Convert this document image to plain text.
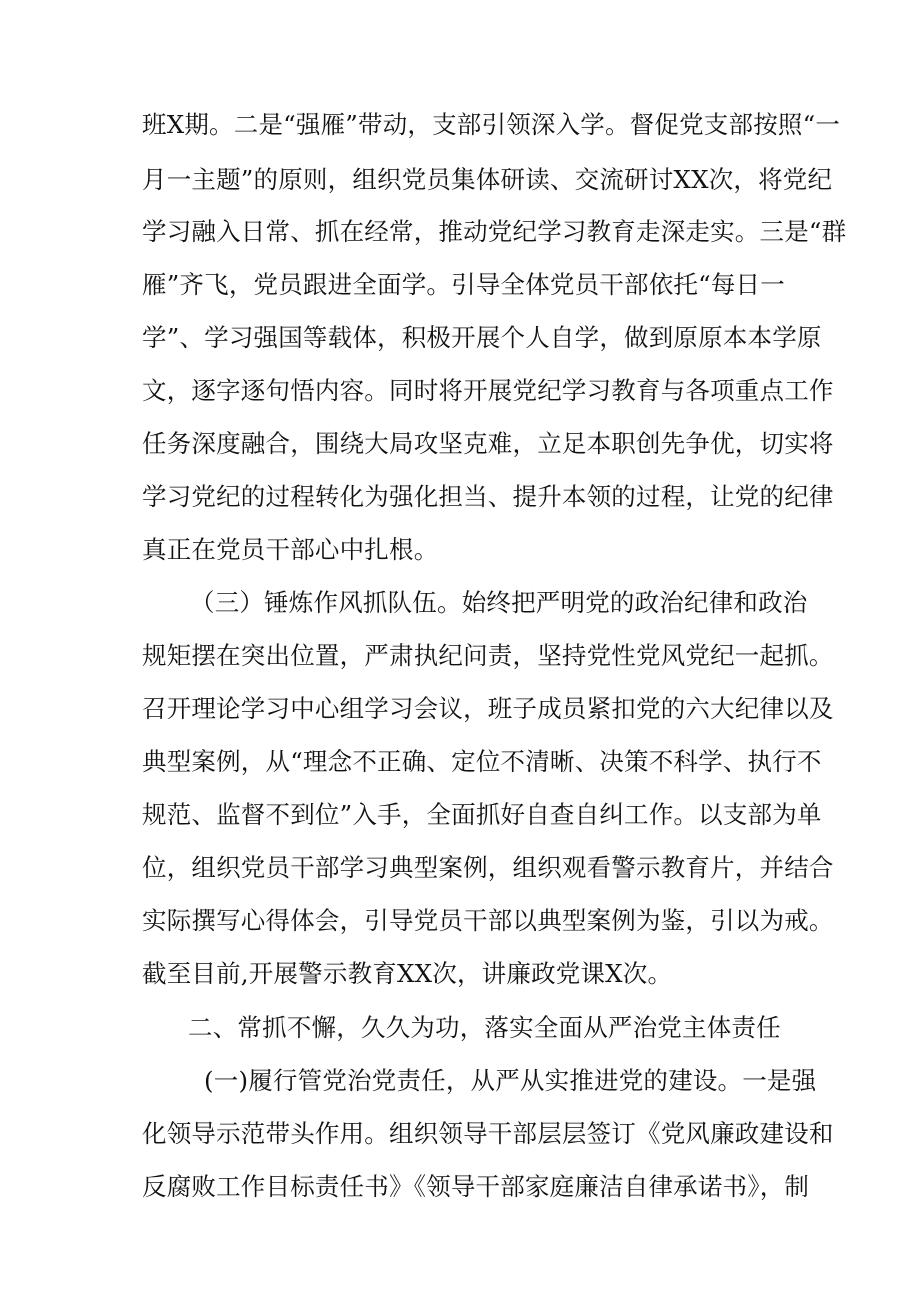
班X期。二是“强雁”带动，支部引领深入学。督促党支部按照“一
月一主题”的原则，组织党员集体研读、交流研讨XX次，将党纪
学习融入日常、抓在经常，推动党纪学习教育走深走实。三是“群
雁”齐飞，党员跟进全面学。引导全体党员干部依托“每日一
学”、学习强国等载体，积极开展个人自学，做到原原本本学原
文，逐字逐句悟内容。同时将开展党纪学习教育与各项重点工作
任务深度融合，围绕大局攻坚克难，立足本职创先争优，切实将
学习党纪的过程转化为强化担当、提升本领的过程，让党的纪律
真正在党员干部心中扎根。
（三）锤炼作风抓队伍。始终把严明党的政治纪律和政治
规矩摆在突出位置，严肃执纪问责，坚持党性党风党纪一起抓。
召开理论学习中心组学习会议，班子成员紧扣党的六大纪律以及
典型案例，从“理念不正确、定位不清晰、决策不科学、执行不
规范、监督不到位”入手，全面抓好自查自纠工作。以支部为单
位，组织党员干部学习典型案例，组织观看警示教育片，并结合
实际撰写心得体会，引导党员干部以典型案例为鉴，引以为戒。
截至目前,开展警示教育XX次，讲廉政党课X次。
二、常抓不懈，久久为功，落实全面从严治党主体责任
(一)履行管党治党责任，从严从实推进党的建设。一是强
化领导示范带头作用。组织领导干部层层签订《党风廉政建设和
反腐败工作目标责任书》《领导干部家庭廉洁自律承诺书》，制
